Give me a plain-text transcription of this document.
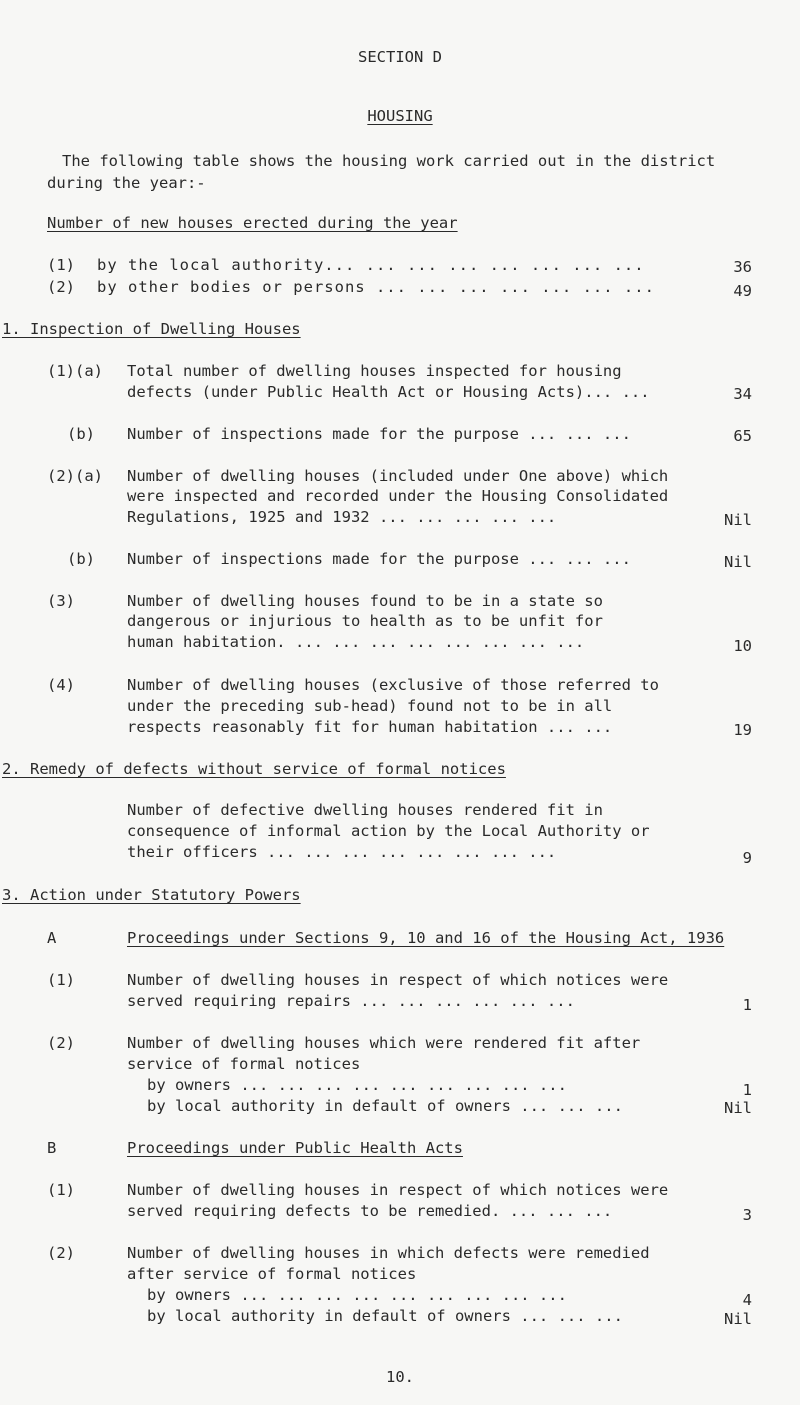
SECTION D
HOUSING
The following table shows the housing work carried out in the district
during the year:-
Number of new houses erected during the year
(1) by the local authority... ... ... ... ... ... ... ...	36
(2) by other bodies or persons ... ... ... ... ... ... ...	49
1. Inspection of Dwelling Houses
(1)(a) Total number of dwelling houses inspected for housing
defects (under Public Health Act or Housing Acts)... ...	34
(b) Number of inspections made for the purpose ... ... ...	65
(2)(a) Number of dwelling houses (included under One above) which
were inspected and recorded under the Housing Consolidated
Regulations, 1925 and 1932 ... ... ... ... ...	Nil
(b) Number of inspections made for the purpose ... ... ...	Nil
(3)	Number of dwelling houses found to be in a state so
dangerous or injurious to health as to be unfit for
human habitation. ... ... ... ... ... ... ... ...	10
(4)	Number of dwelling houses (exclusive of those referred to
under the preceding sub-head) found not to be in all
respects reasonably fit for human habitation ... ...	19
2. Remedy of defects without service of formal notices
Number of defective dwelling houses rendered fit in
consequence of informal action by the Local Authority or
their officers ... ... ... ... ... ... ... ...	9
3. Action under Statutory Powers
A	Proceedings under Sections 9, 10 and 16 of the Housing Act, 1936
(1)	Number of dwelling houses in respect of which notices were
served requiring repairs ... ... ... ... ... ...	1
(2)	Number of dwelling houses which were rendered fit after
service of formal notices
by owners ... ... ... ... ... ... ... ... ...	1
by local authority in default of owners ... ... ...	Nil
B	Proceedings under Public Health Acts
(1)	Number of dwelling houses in respect of which notices were
served requiring defects to be remedied. ... ... ...	3
(2)	Number of dwelling houses in which defects were remedied
after service of formal notices
by owners ... ... ... ... ... ... ... ... ...	4
by local authority in default of owners ... ... ...	Nil
10.
